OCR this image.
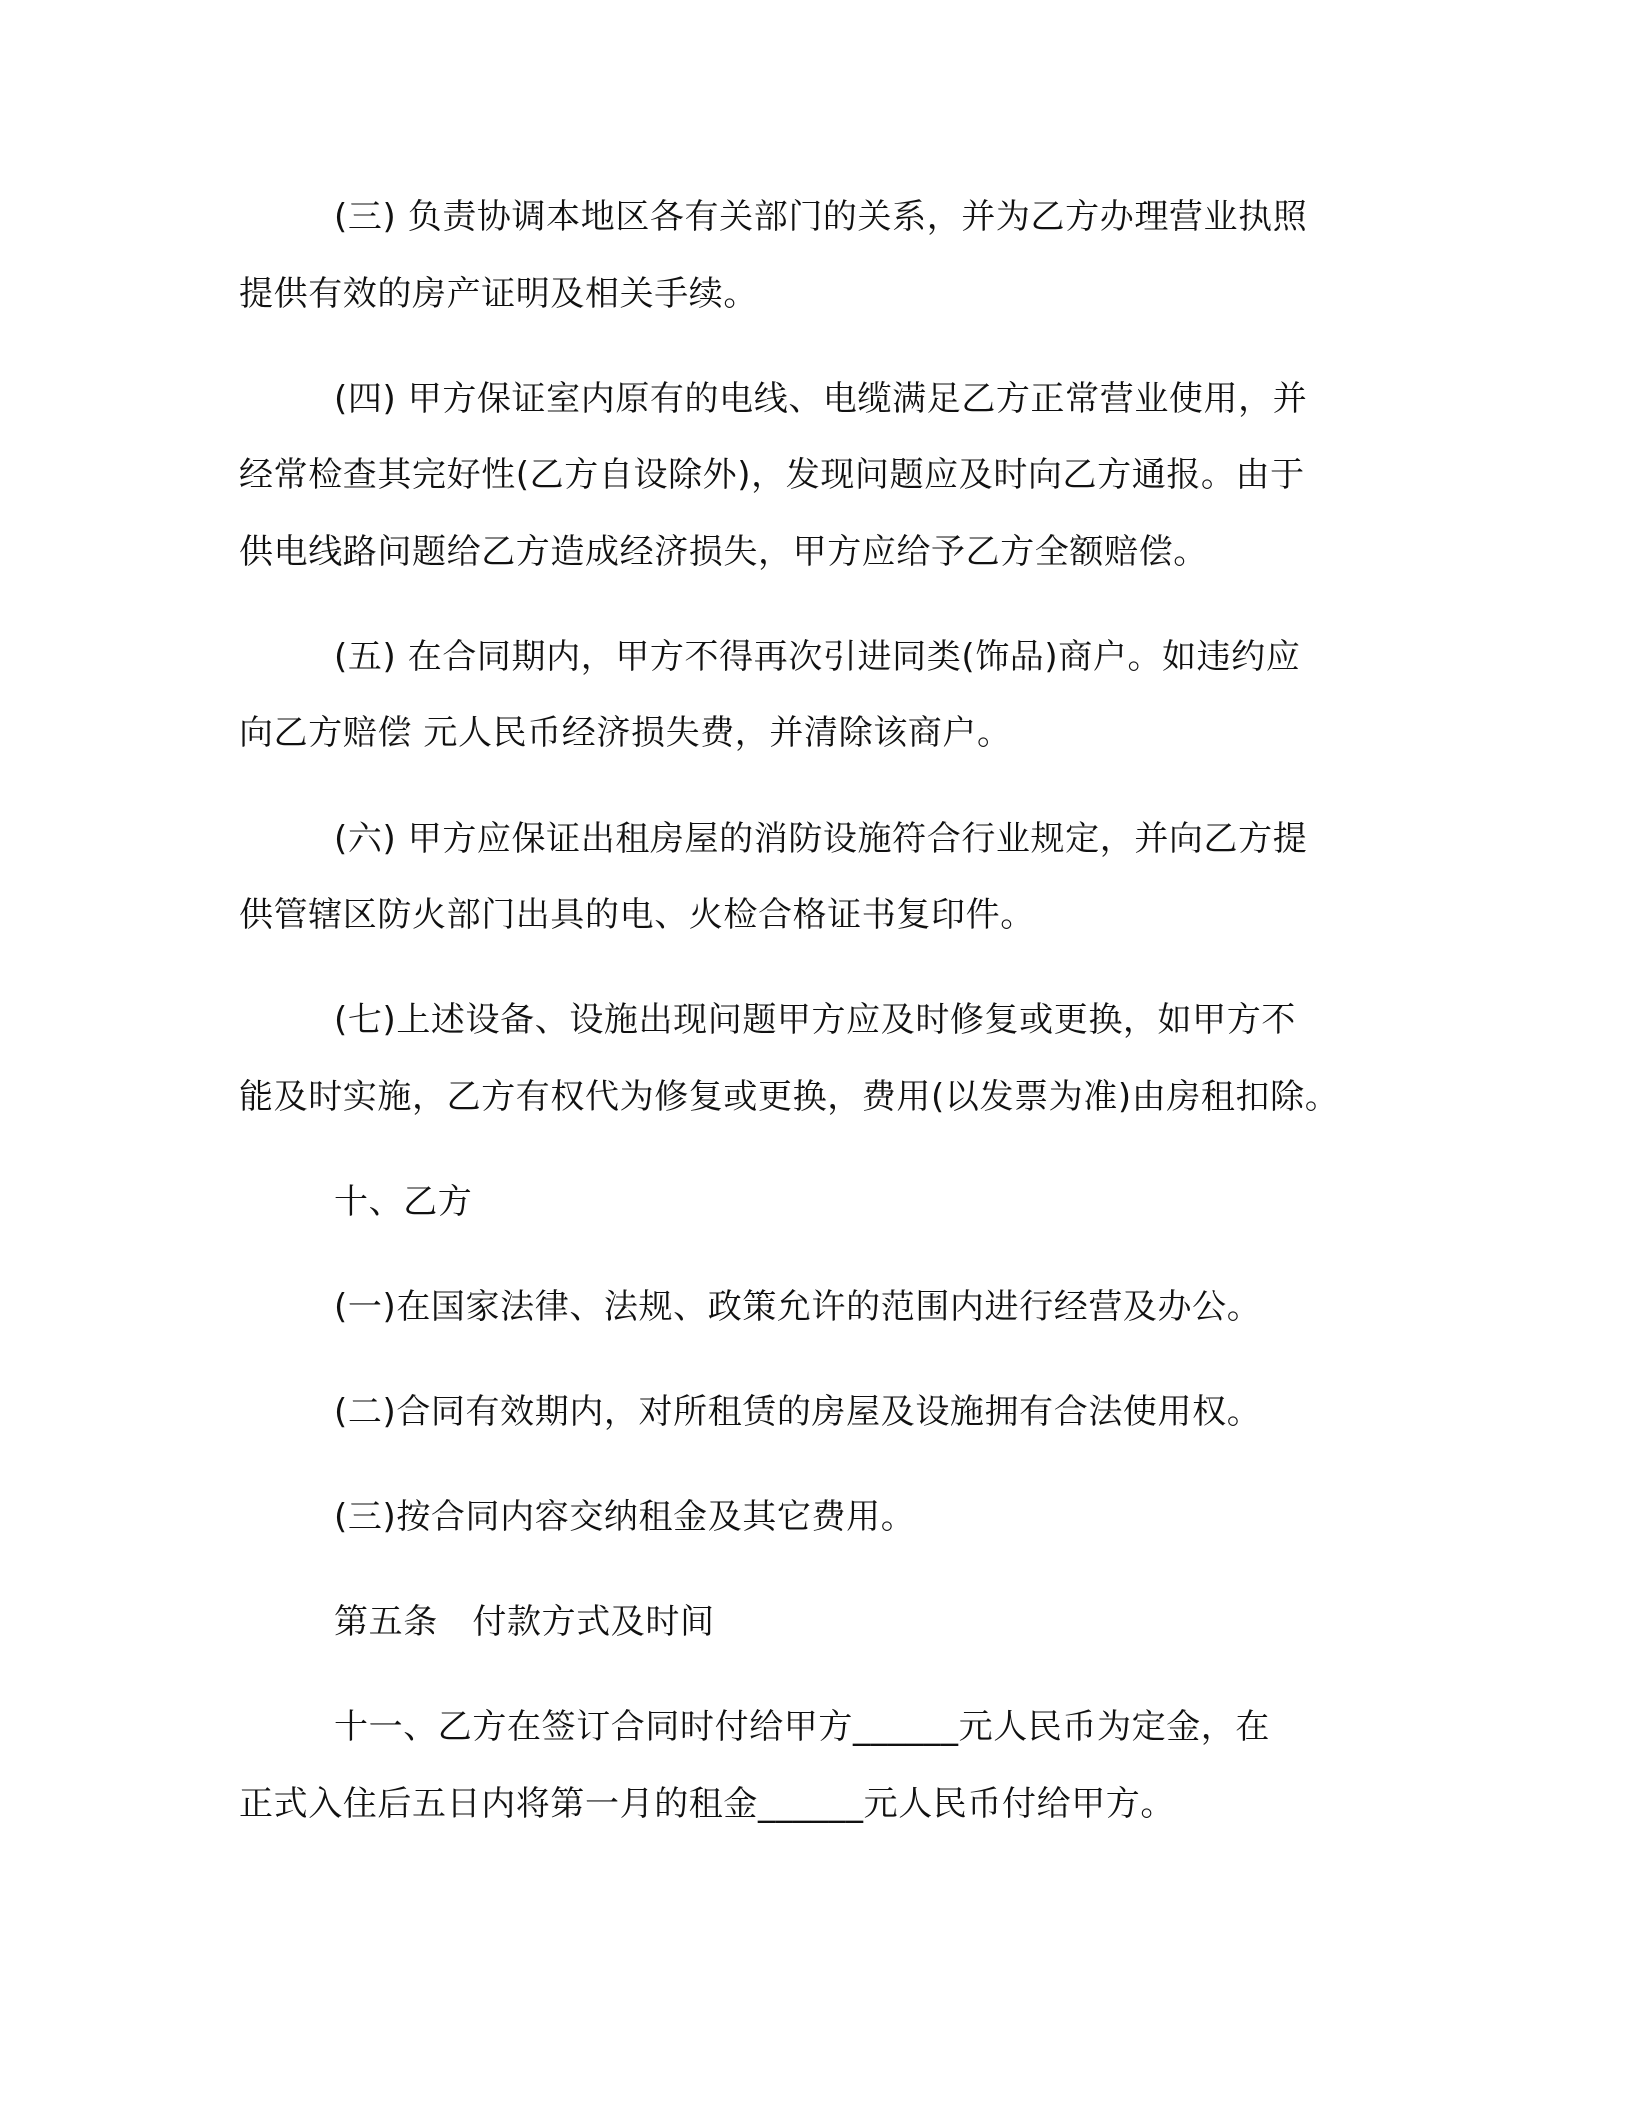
(三) 负责协调本地区各有关部门的关系，并为乙方办理营业执照
提供有效的房产证明及相关手续。
(四) 甲方保证室内原有的电线、电缆满足乙方正常营业使用，并
经常检查其完好性(乙方自设除外)，发现问题应及时向乙方通报。由于
供电线路问题给乙方造成经济损失，甲方应给予乙方全额赔偿。
(五) 在合同期内，甲方不得再次引进同类(饰品)商户。如违约应
向乙方赔偿 元人民币经济损失费，并清除该商户。
(六) 甲方应保证出租房屋的消防设施符合行业规定，并向乙方提
供管辖区防火部门出具的电、火检合格证书复印件。
(七)上述设备、设施出现问题甲方应及时修复或更换，如甲方不
能及时实施，乙方有权代为修复或更换，费用(以发票为准)由房租扣除。
十、乙方
(一)在国家法律、法规、政策允许的范围内进行经营及办公。
(二)合同有效期内，对所租赁的房屋及设施拥有合法使用权。
(三)按合同内容交纳租金及其它费用。
第五条　付款方式及时间
十一、乙方在签订合同时付给甲方______元人民币为定金，在
正式入住后五日内将第一月的租金______元人民币付给甲方。
